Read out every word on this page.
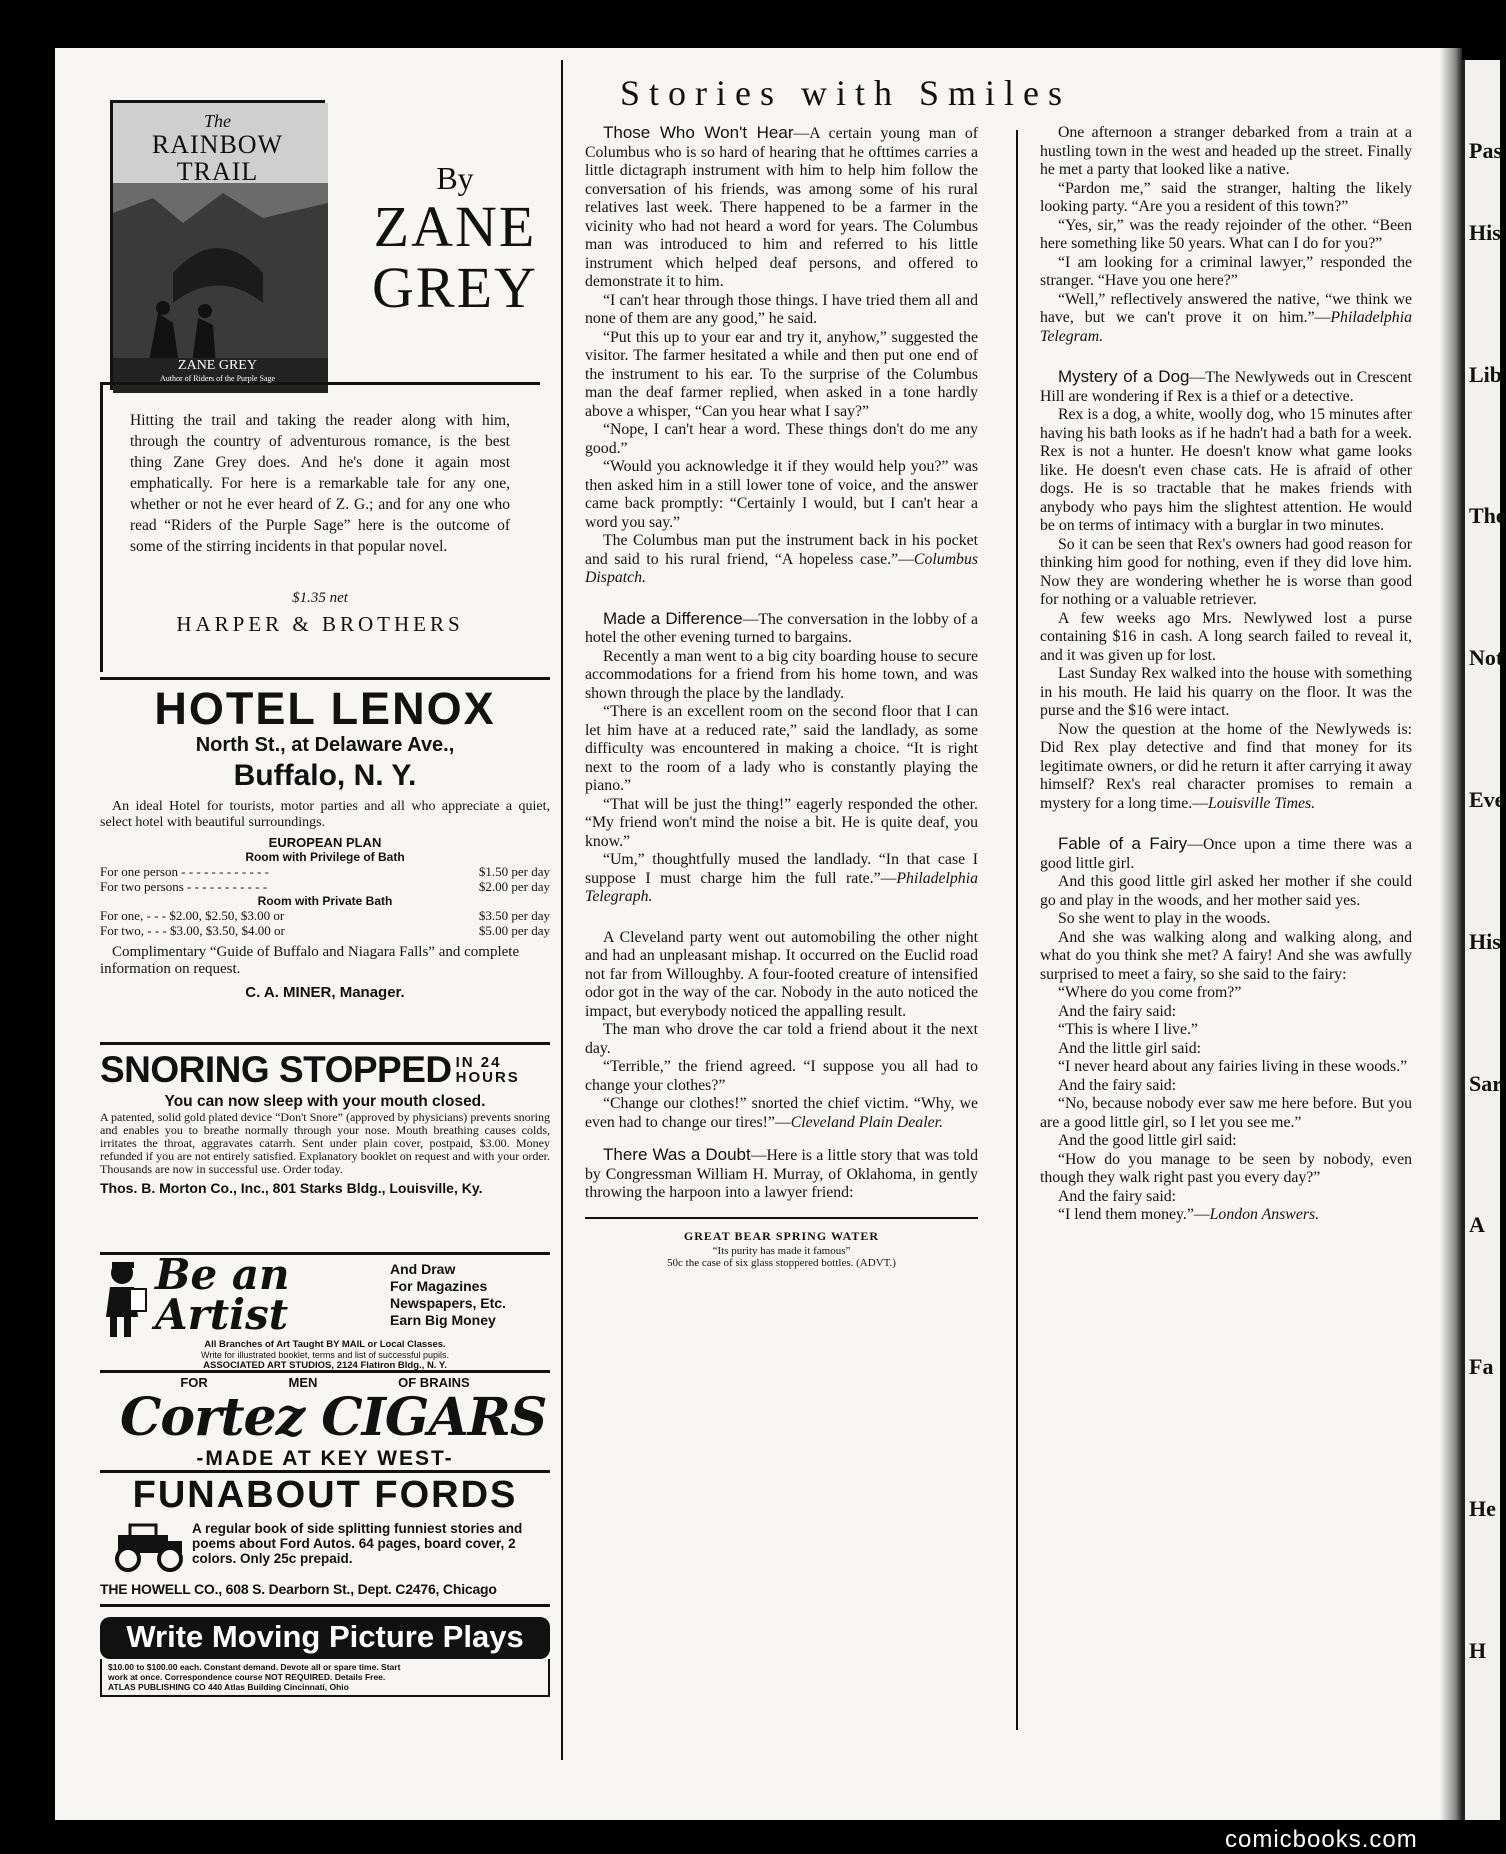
Pas
His
Lib
The
Not
Eve
His
Sar
A
Fa
He
H
The
RAINBOW
TRAIL
ZANE GREY
Author of Riders of the Purple Sage
By
ZANE
GREY
Hitting the trail and taking the reader along with him, through the country of adventurous romance, is the best thing Zane Grey does. And he's done it again most emphatically. For here is a remarkable tale for any one, whether or not he ever heard of Z. G.; and for any one who read “Riders of the Purple Sage” here is the outcome of some of the stirring incidents in that popular novel.
$1.35 net
HARPER & BROTHERS
HOTEL LENOX
North St., at Delaware Ave.,
Buffalo, N. Y.
An ideal Hotel for tourists, motor parties and all who appreciate a quiet, select hotel with beautiful surroundings.
EUROPEAN PLAN
Room with Privilege of Bath
For one person - - - - - - - - - - - -	$1.50 per day
For two persons - - - - - - - - - - -	$2.00 per day
Room with Private Bath
For one, - - - $2.00, $2.50, $3.00 or	$3.50 per day
For two, - - - $3.00, $3.50, $4.00 or	$5.00 per day
Complimentary “Guide of Buffalo and Niagara Falls” and complete information on request.
C. A. MINER, Manager.
SNORING STOPPED IN 24
HOURS
You can now sleep with your mouth closed.
A patented, solid gold plated device “Don't Snore” (approved by physicians) prevents snoring and enables you to breathe normally through your nose. Mouth breathing causes colds, irritates the throat, aggravates catarrh. Sent under plain cover, postpaid, $3.00. Money refunded if you are not entirely satisfied. Explanatory booklet on request and with your order. Thousands are now in successful use. Order today.
Thos. B. Morton Co., Inc., 801 Starks Bldg., Louisville, Ky.
Be an
Artist
And Draw
For Magazines
Newspapers, Etc.
Earn Big Money
All Branches of Art Taught BY MAIL or Local Classes.
Write for illustrated booklet, terms and list of successful pupils.
ASSOCIATED ART STUDIOS, 2124 Flatiron Bldg., N. Y.
FOR	MEN	OF BRAINS
Cortez CIGARS
-MADE AT KEY WEST-
FUNABOUT FORDS
A regular book of side splitting funniest stories and poems about Ford Autos. 64 pages, board cover, 2 colors. Only 25c prepaid.
THE HOWELL CO., 608 S. Dearborn St., Dept. C2476, Chicago
Write Moving Picture Plays
$10.00 to $100.00 each. Constant demand. Devote all or spare time. Start
work at once. Correspondence course NOT REQUIRED. Details Free.
ATLAS PUBLISHING CO 440 Atlas Building Cincinnati, Ohio
Stories with Smiles

Those Who Won't Hear—A certain young man of Columbus who is so hard of hearing that he ofttimes carries a little dictagraph instrument with him to help him follow the conversation of his friends, was among some of his rural relatives last week. There happened to be a farmer in the vicinity who had not heard a word for years. The Columbus man was introduced to him and referred to his little instrument which helped deaf persons, and offered to demonstrate it to him.

“I can't hear through those things. I have tried them all and none of them are any good,” he said.

“Put this up to your ear and try it, anyhow,” suggested the visitor. The farmer hesitated a while and then put one end of the instrument to his ear. To the surprise of the Columbus man the deaf farmer replied, when asked in a tone hardly above a whisper, “Can you hear what I say?”

“Nope, I can't hear a word. These things don't do me any good.”

“Would you acknowledge it if they would help you?” was then asked him in a still lower tone of voice, and the answer came back promptly: “Certainly I would, but I can't hear a word you say.”

The Columbus man put the instrument back in his pocket and said to his rural friend, “A hopeless case.”—Columbus Dispatch.

Made a Difference—The conversation in the lobby of a hotel the other evening turned to bargains.

Recently a man went to a big city boarding house to secure accommodations for a friend from his home town, and was shown through the place by the landlady.

“There is an excellent room on the second floor that I can let him have at a reduced rate,” said the landlady, as some difficulty was encountered in making a choice. “It is right next to the room of a lady who is constantly playing the piano.”

“That will be just the thing!” eagerly responded the other. “My friend won't mind the noise a bit. He is quite deaf, you know.”

“Um,” thoughtfully mused the landlady. “In that case I suppose I must charge him the full rate.”—Philadelphia Telegraph.

A Cleveland party went out automobiling the other night and had an unpleasant mishap. It occurred on the Euclid road not far from Willoughby. A four-footed creature of intensified odor got in the way of the car. Nobody in the auto noticed the impact, but everybody noticed the appalling result.

The man who drove the car told a friend about it the next day.

“Terrible,” the friend agreed. “I suppose you all had to change your clothes?”

“Change our clothes!” snorted the chief victim. “Why, we even had to change our tires!”—Cleveland Plain Dealer.

There Was a Doubt—Here is a little story that was told by Congressman William H. Murray, of Oklahoma, in gently throwing the harpoon into a lawyer friend:

GREAT BEAR SPRING WATER
“Its purity has made it famous”
50c the case of six glass stoppered bottles. (ADVT.)

One afternoon a stranger debarked from a train at a hustling town in the west and headed up the street. Finally he met a party that looked like a native.

“Pardon me,” said the stranger, halting the likely looking party. “Are you a resident of this town?”

“Yes, sir,” was the ready rejoinder of the other. “Been here something like 50 years. What can I do for you?”

“I am looking for a criminal lawyer,” responded the stranger. “Have you one here?”

“Well,” reflectively answered the native, “we think we have, but we can't prove it on him.”—Philadelphia Telegram.

Mystery of a Dog—The Newlyweds out in Crescent Hill are wondering if Rex is a thief or a detective.

Rex is a dog, a white, woolly dog, who 15 minutes after having his bath looks as if he hadn't had a bath for a week. Rex is not a hunter. He doesn't know what game looks like. He doesn't even chase cats. He is afraid of other dogs. He is so tractable that he makes friends with anybody who pays him the slightest attention. He would be on terms of intimacy with a burglar in two minutes.

So it can be seen that Rex's owners had good reason for thinking him good for nothing, even if they did love him. Now they are wondering whether he is worse than good for nothing or a valuable retriever.

A few weeks ago Mrs. Newlywed lost a purse containing $16 in cash. A long search failed to reveal it, and it was given up for lost.

Last Sunday Rex walked into the house with something in his mouth. He laid his quarry on the floor. It was the purse and the $16 were intact.

Now the question at the home of the Newlyweds is: Did Rex play detective and find that money for its legitimate owners, or did he return it after carrying it away himself? Rex's real character promises to remain a mystery for a long time.—Louisville Times.

Fable of a Fairy—Once upon a time there was a good little girl.

And this good little girl asked her mother if she could go and play in the woods, and her mother said yes.

So she went to play in the woods.

And she was walking along and walking along, and what do you think she met? A fairy! And she was awfully surprised to meet a fairy, so she said to the fairy:

“Where do you come from?”

And the fairy said:

“This is where I live.”

And the little girl said:

“I never heard about any fairies living in these woods.”

And the fairy said:

“No, because nobody ever saw me here before. But you are a good little girl, so I let you see me.”

And the good little girl said:

“How do you manage to be seen by nobody, even though they walk right past you every day?”

And the fairy said:

“I lend them money.”—London Answers.

comicbooks.com
